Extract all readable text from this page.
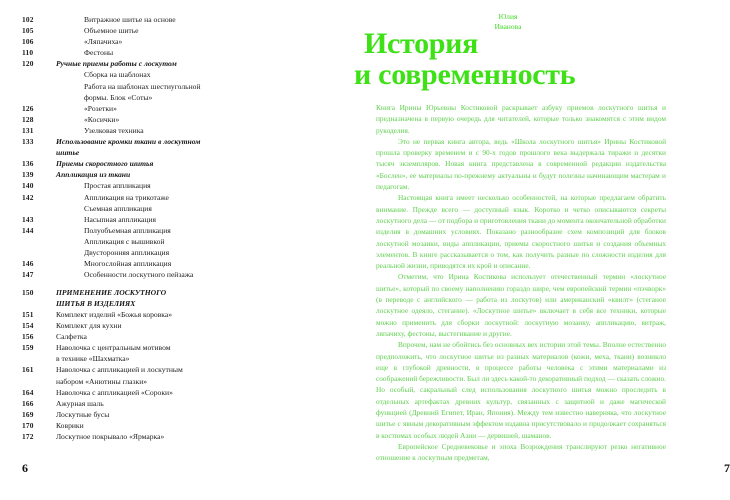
102	Витражное шитье на основе
105	Объемное шитье
106	«Ляпачиха»
110	Фестоны
120	Ручные приемы работы с лоскутом
Сборка на шаблонах
Работа на шаблонах шестиугольной
формы. Блок «Соты»
126	«Розетки»
128	«Косички»
131	Узелковая техника
133	Использование кромки ткани в лоскутном
шитье
136	Приемы скоростного шитья
139	Аппликация из ткани
140	Простая аппликация
142	Аппликация на трикотаже
Съемная аппликация
143	Насыпная аппликация
144	Полуобъемная аппликация
Аппликация с вышивкой
Двусторонняя аппликация
146	Многослойная аппликация
147	Особенности лоскутного пейзажа
150	ПРИМЕНЕНИЕ ЛОСКУТНОГО
ШИТЬЯ В ИЗДЕЛИЯХ
151	Комплект изделий «Божья коровка»
154	Комплект для кухни
156	Салфетка
159	Наволочка с центральным мотивом
в технике «Шахматка»
161	Наволочка с аппликацией и лоскутным
набором «Анютины глазки»
164	Наволочка с аппликацией «Сороки»
166	Ажурная шаль
169	Лоскутные бусы
170	Коврики
172	Лоскутное покрывало «Ярмарка»
6
Юлия
Иванова
История
и современность

Книга Ирины Юрьевны Костиковой раскрывает азбуку приемов лоскутного шитья и предназначена в первую очередь для читателей, которые только знакомятся с этим видом рукоделия.

Это не первая книга автора, ведь «Школа лоскутного шитья» Ирины Костиковой прошла проверку временем и с 90-х годов прошлого века выдержала тиражи и десятки тысяч экземпляров. Новая книга представлена в современной редакции издательства «Бослен», ее материалы по-прежнему актуальны и будут полезны начинающим мастерам и педагогам.

Настоящая книга имеет несколько особенностей, на которые предлагаем обратить внимание. Прежде всего — доступный язык. Коротко и четко описываются секреты лоскутного дела — от подбора и приготовления ткани до момента окончательной обработки изделия в домашних условиях. Показано разнообразие схем композиций для блоков лоскутной мозаики, виды аппликации, приемы скоростного шитья и создания объемных элементов. В книге рассказывается о том, как получить разные по сложности изделия для реальной жизни, приводятся их крой и описание.

Отметим, что Ирина Костикова использует отечественный термин «лоскутное шитье», который по своему наполнению гораздо шире, чем европейский термин «пэчворк» (в переводе с английского — работа из лоскутов) или американский «квилт» (стеганое лоскутное одеяло, стегание). «Лоскутное шитье» включает в себя все техники, которые можно применить для сборки лоскутной: лоскутную мозаику, аппликацию, витраж, ляпачиху, фестоны, выстегивание и другие.

Впрочем, нам не обойтись без основных вех истории этой темы. Вполне естественно предположить, что лоскутное шитье из разных материалов (кожи, меха, ткани) возникло еще в глубокой древности, в процессе работы человека с этими материалами из соображений бережливости. Был ли здесь какой-то декоративный подход — сказать сложно. Но особый, сакральный след использования лоскутного шитья можно проследить в отдельных артефактах древних культур, связанных с защитной и даже магической функцией (Древний Египет, Иран, Япония). Между тем известно наверняка, что лоскутное шитье с явным декоративным эффектом издавна присутствовало и продолжает сохраняться в костюмах особых людей Азии — дервишей, шаманов.

Европейское Средневековье и эпоха Возрождения транслируют резко негативное отношение к лоскутным предметам,

7
